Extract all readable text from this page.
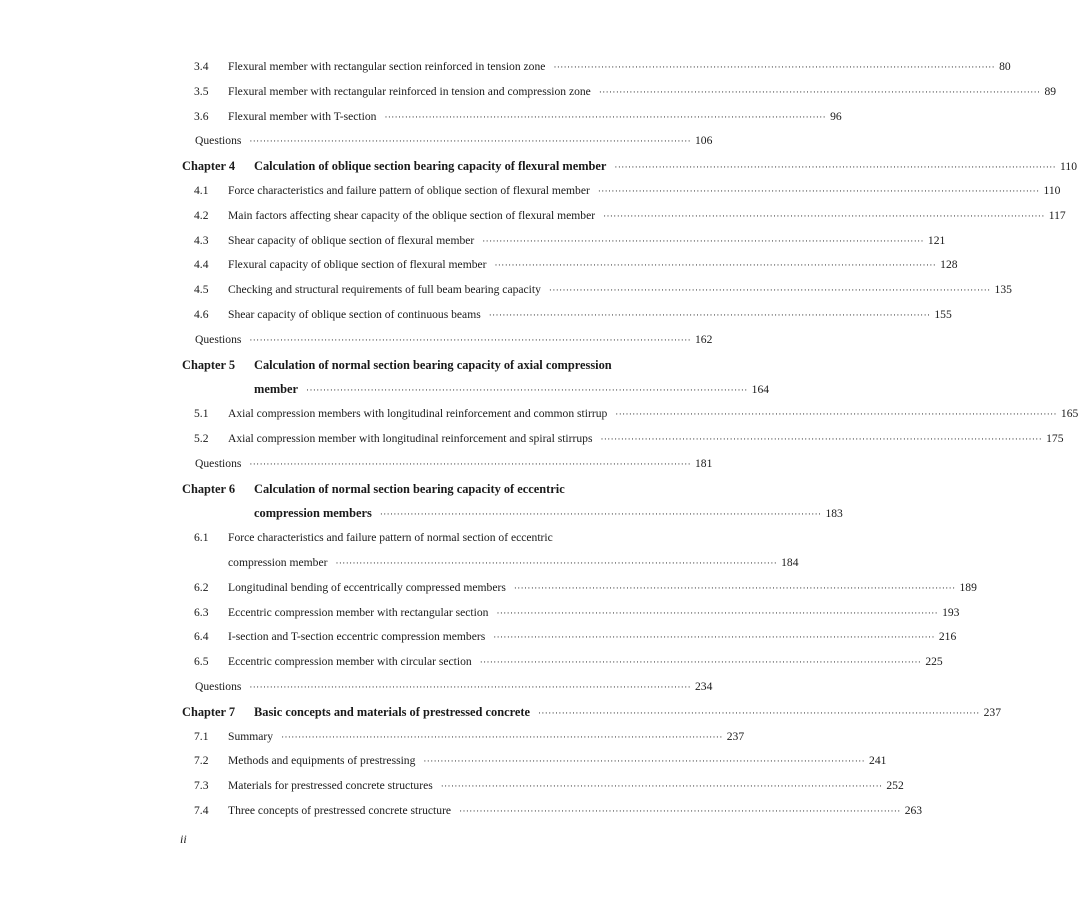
3.4	Flexural member with rectangular section reinforced in tension zone ·····	80
3.5	Flexural member with rectangular reinforced in tension and compression zone ·····	89
3.6	Flexural member with T-section ·····	96
Questions ·····	106
Chapter 4	Calculation of oblique section bearing capacity of flexural member ·····	110
4.1	Force characteristics and failure pattern of oblique section of flexural member ·····	110
4.2	Main factors affecting shear capacity of the oblique section of flexural member ·····	117
4.3	Shear capacity of oblique section of flexural member ·····	121
4.4	Flexural capacity of oblique section of flexural member ·····	128
4.5	Checking and structural requirements of full beam bearing capacity ·····	135
4.6	Shear capacity of oblique section of continuous beams ·····	155
Questions ·····	162
Chapter 5	Calculation of normal section bearing capacity of axial compression
member ·····	164
5.1	Axial compression members with longitudinal reinforcement and common stirrup ·····	165
5.2	Axial compression member with longitudinal reinforcement and spiral stirrups ·····	175
Questions ·····	181
Chapter 6	Calculation of normal section bearing capacity of eccentric
compression members ·····	183
6.1	Force characteristics and failure pattern of normal section of eccentric
compression member ·····	184
6.2	Longitudinal bending of eccentrically compressed members ·····	189
6.3	Eccentric compression member with rectangular section ·····	193
6.4	I-section and T-section eccentric compression members ·····	216
6.5	Eccentric compression member with circular section ·····	225
Questions ·····	234
Chapter 7	Basic concepts and materials of prestressed concrete ·····	237
7.1	Summary ·····	237
7.2	Methods and equipments of prestressing ·····	241
7.3	Materials for prestressed concrete structures ·····	252
7.4	Three concepts of prestressed concrete structure ·····	263
ii
